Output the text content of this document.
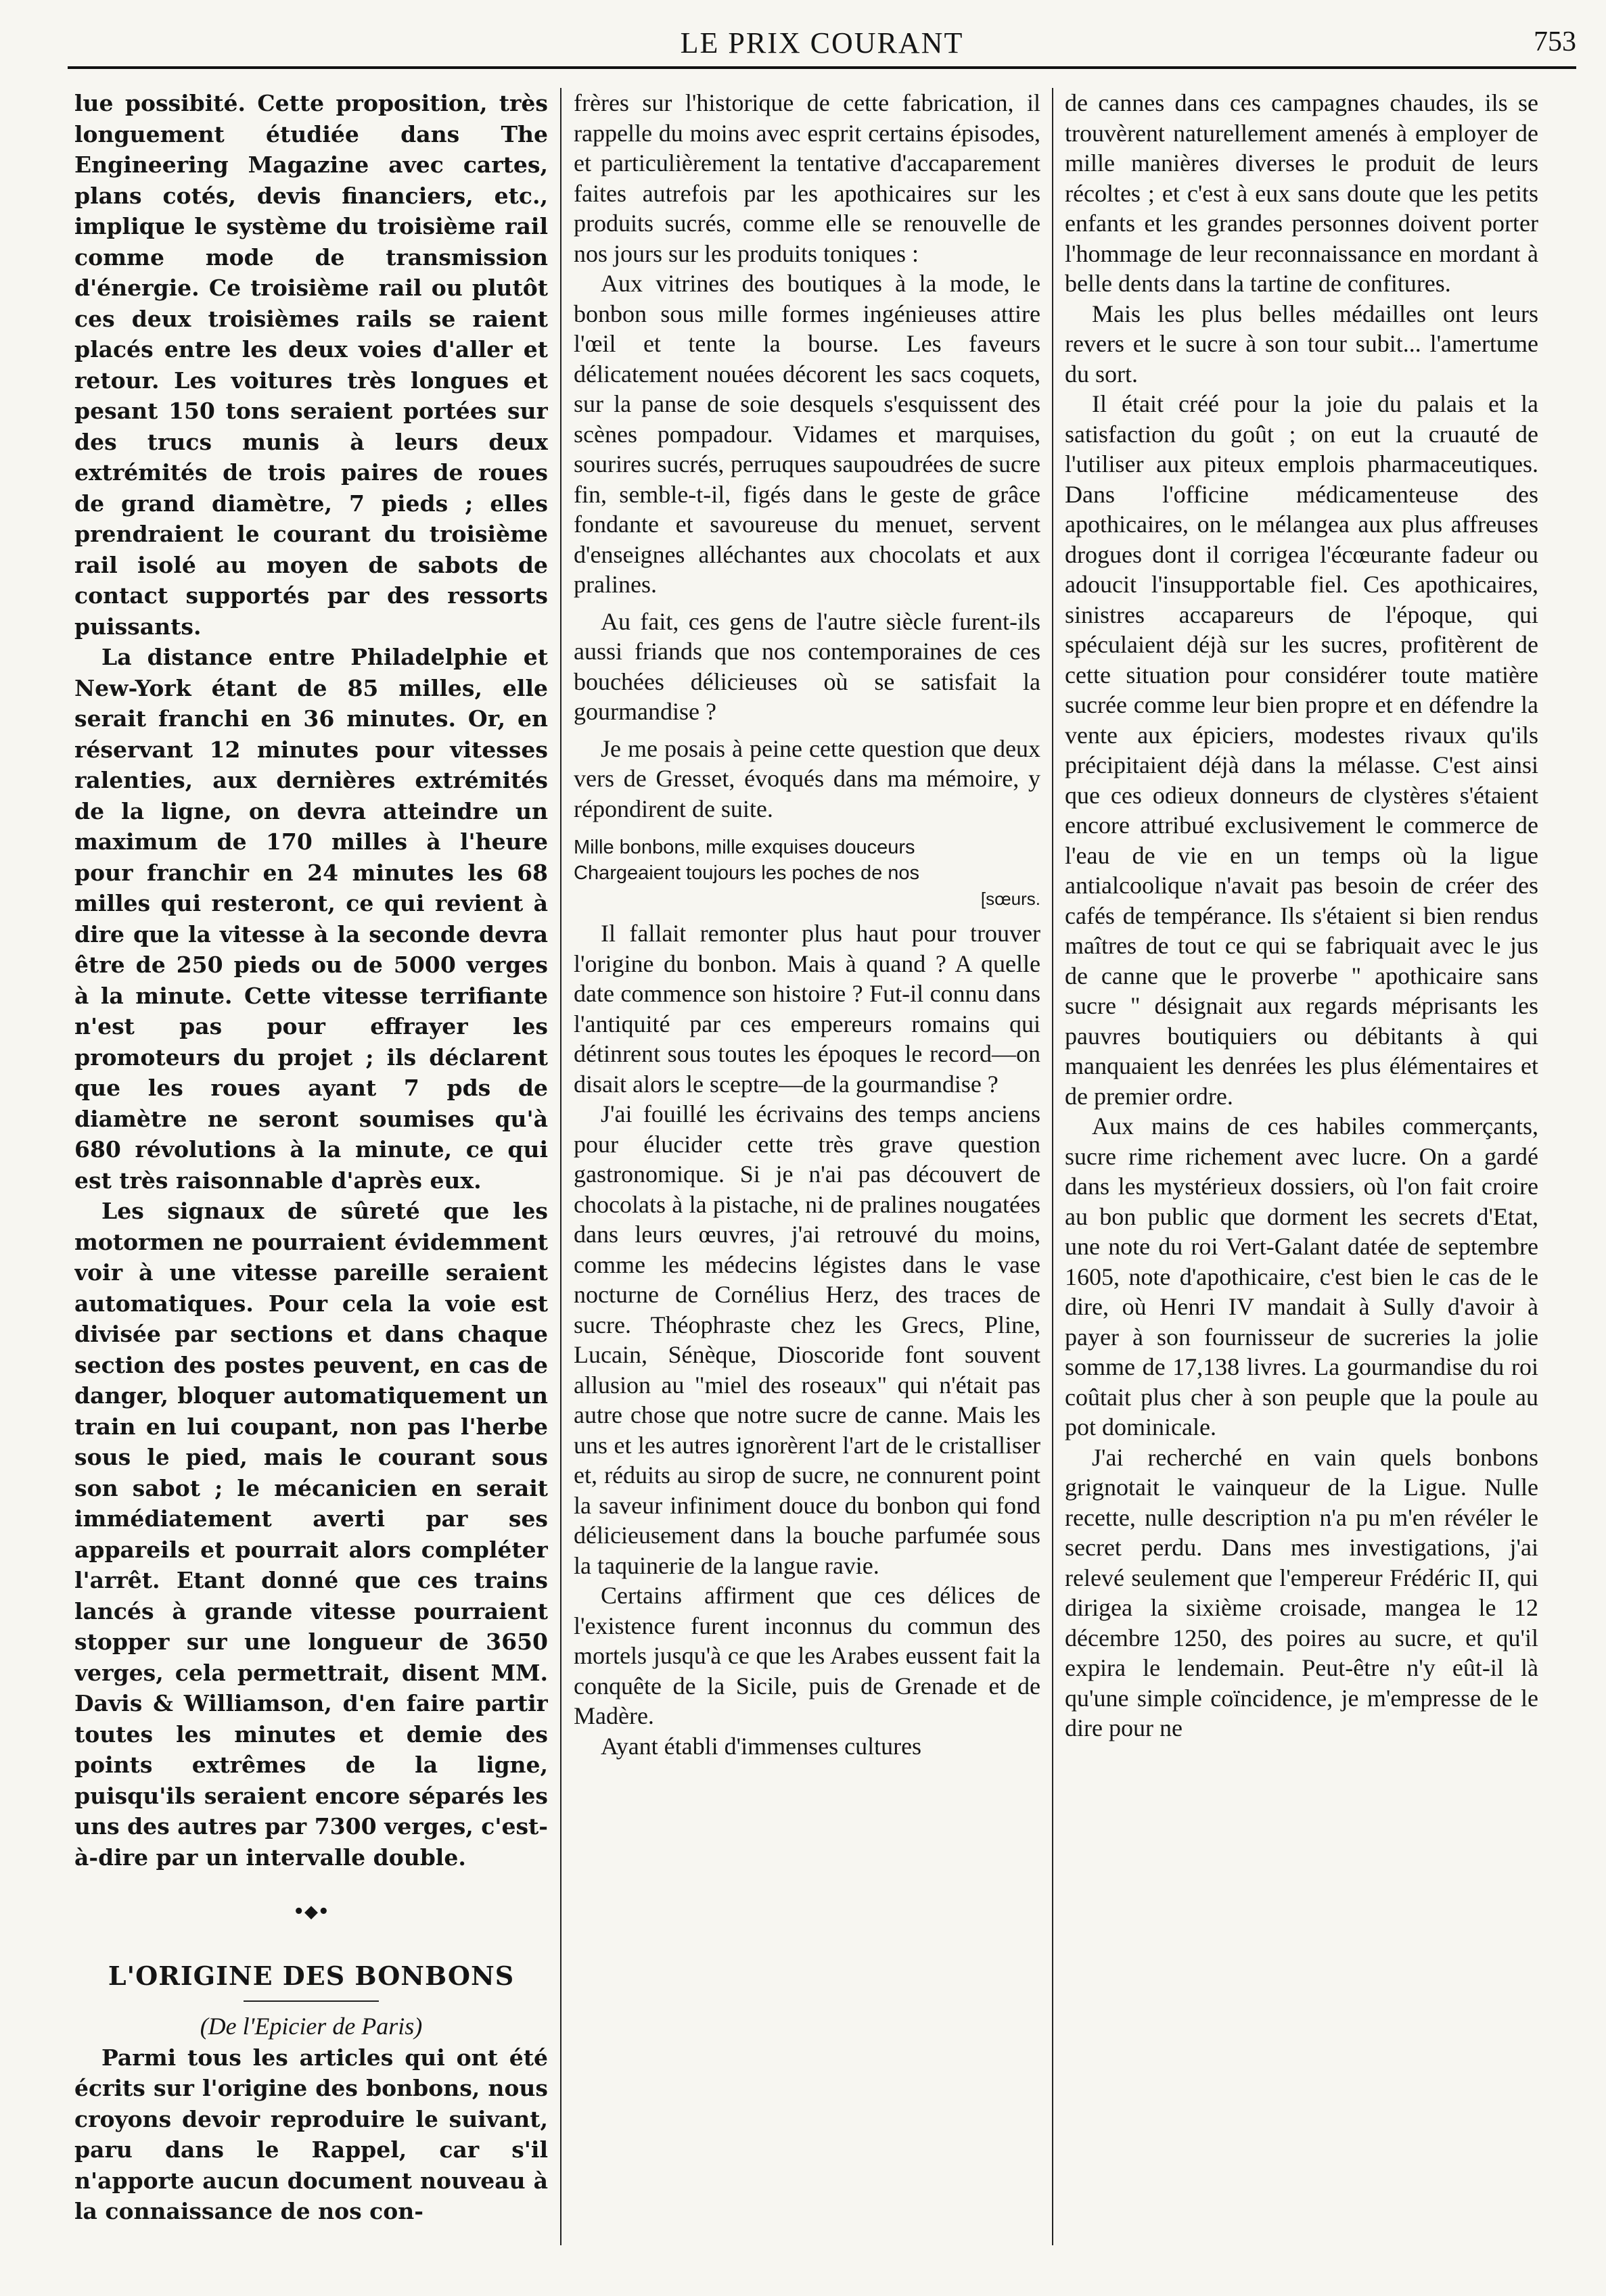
LE PRIX COURANT	753

lue possibité. Cette proposition, très longuement étudiée dans The Engineering Magazine avec cartes, plans cotés, devis financiers, etc., implique le système du troisième rail comme mode de transmission d'énergie. Ce troisième rail ou plutôt ces deux troisièmes rails se raient placés entre les deux voies d'aller et retour. Les voitures très longues et pesant 150 tons seraient portées sur des trucs munis à leurs deux extrémités de trois paires de roues de grand diamètre, 7 pieds ; elles prendraient le courant du troisième rail isolé au moyen de sabots de contact supportés par des ressorts puissants.

La distance entre Philadelphie et New-York étant de 85 milles, elle serait franchi en 36 minutes. Or, en réservant 12 minutes pour vitesses ralenties, aux dernières extrémités de la ligne, on devra atteindre un maximum de 170 milles à l'heure pour franchir en 24 minutes les 68 milles qui resteront, ce qui revient à dire que la vitesse à la seconde devra être de 250 pieds ou de 5000 verges à la minute. Cette vitesse terrifiante n'est pas pour effrayer les promoteurs du projet ; ils déclarent que les roues ayant 7 pds de diamètre ne seront soumises qu'à 680 révolutions à la minute, ce qui est très raisonnable d'après eux.

Les signaux de sûreté que les motormen ne pourraient évidemment voir à une vitesse pareille seraient automatiques. Pour cela la voie est divisée par sections et dans chaque section des postes peuvent, en cas de danger, bloquer automatiquement un train en lui coupant, non pas l'herbe sous le pied, mais le courant sous son sabot ; le mécanicien en serait immédiatement averti par ses appareils et pourrait alors compléter l'arrêt. Etant donné que ces trains lancés à grande vitesse pourraient stopper sur une longueur de 3650 verges, cela permettrait, disent MM. Davis & Williamson, d'en faire partir toutes les minutes et demie des points extrêmes de la ligne, puisqu'ils seraient encore séparés les uns des autres par 7300 verges, c'est-à-dire par un intervalle double.

•◆•
L'ORIGINE DES BONBONS
(De l'Epicier de Paris)

Parmi tous les articles qui ont été écrits sur l'origine des bonbons, nous croyons devoir reproduire le suivant, paru dans le Rappel, car s'il n'apporte aucun document nouveau à la connaissance de nos con-

frères sur l'historique de cette fabrication, il rappelle du moins avec esprit certains épisodes, et particulièrement la tentative d'accaparement faites autrefois par les apothicaires sur les produits sucrés, comme elle se renouvelle de nos jours sur les produits toniques :

Aux vitrines des boutiques à la mode, le bonbon sous mille formes ingénieuses attire l'œil et tente la bourse. Les faveurs délicatement nouées décorent les sacs coquets, sur la panse de soie desquels s'esquissent des scènes pompadour. Vidames et marquises, sourires sucrés, perruques saupoudrées de sucre fin, semble-t-il, figés dans le geste de grâce fondante et savoureuse du menuet, servent d'enseignes alléchantes aux chocolats et aux pralines.

Au fait, ces gens de l'autre siècle furent-ils aussi friands que nos contemporaines de ces bouchées délicieuses où se satisfait la gourmandise ?

Je me posais à peine cette question que deux vers de Gresset, évoqués dans ma mémoire, y répondirent de suite.

Mille bonbons, mille exquises douceurs
Chargeaient toujours les poches de nos
[sœurs.

Il fallait remonter plus haut pour trouver l'origine du bonbon. Mais à quand ? A quelle date commence son histoire ? Fut-il connu dans l'antiquité par ces empereurs romains qui détinrent sous toutes les époques le record—on disait alors le sceptre—de la gourmandise ?

J'ai fouillé les écrivains des temps anciens pour élucider cette très grave question gastronomique. Si je n'ai pas découvert de chocolats à la pistache, ni de pralines nougatées dans leurs œuvres, j'ai retrouvé du moins, comme les médecins légistes dans le vase nocturne de Cornélius Herz, des traces de sucre. Théophraste chez les Grecs, Pline, Lucain, Sénèque, Dioscoride font souvent allusion au "miel des roseaux" qui n'était pas autre chose que notre sucre de canne. Mais les uns et les autres ignorèrent l'art de le cristalliser et, réduits au sirop de sucre, ne connurent point la saveur infiniment douce du bonbon qui fond délicieusement dans la bouche parfumée sous la taquinerie de la langue ravie.

Certains affirment que ces délices de l'existence furent inconnus du commun des mortels jusqu'à ce que les Arabes eussent fait la conquête de la Sicile, puis de Grenade et de Madère.

Ayant établi d'immenses cultures

de cannes dans ces campagnes chaudes, ils se trouvèrent naturellement amenés à employer de mille manières diverses le produit de leurs récoltes ; et c'est à eux sans doute que les petits enfants et les grandes personnes doivent porter l'hommage de leur reconnaissance en mordant à belle dents dans la tartine de confitures.

Mais les plus belles médailles ont leurs revers et le sucre à son tour subit... l'amertume du sort.

Il était créé pour la joie du palais et la satisfaction du goût ; on eut la cruauté de l'utiliser aux piteux emplois pharmaceutiques. Dans l'officine médicamenteuse des apothicaires, on le mélangea aux plus affreuses drogues dont il corrigea l'écœurante fadeur ou adoucit l'insupportable fiel. Ces apothicaires, sinistres accapareurs de l'époque, qui spéculaient déjà sur les sucres, profitèrent de cette situation pour considérer toute matière sucrée comme leur bien propre et en défendre la vente aux épiciers, modestes rivaux qu'ils précipitaient déjà dans la mélasse. C'est ainsi que ces odieux donneurs de clystères s'étaient encore attribué exclusivement le commerce de l'eau de vie en un temps où la ligue antialcoolique n'avait pas besoin de créer des cafés de tempérance. Ils s'étaient si bien rendus maîtres de tout ce qui se fabriquait avec le jus de canne que le proverbe " apothicaire sans sucre " désignait aux regards méprisants les pauvres boutiquiers ou débitants à qui manquaient les denrées les plus élémentaires et de premier ordre.

Aux mains de ces habiles commerçants, sucre rime richement avec lucre. On a gardé dans les mystérieux dossiers, où l'on fait croire au bon public que dorment les secrets d'Etat, une note du roi Vert-Galant datée de septembre 1605, note d'apothicaire, c'est bien le cas de le dire, où Henri IV mandait à Sully d'avoir à payer à son fournisseur de sucreries la jolie somme de 17,138 livres. La gourmandise du roi coûtait plus cher à son peuple que la poule au pot dominicale.

J'ai recherché en vain quels bonbons grignotait le vainqueur de la Ligue. Nulle recette, nulle description n'a pu m'en révéler le secret perdu. Dans mes investigations, j'ai relevé seulement que l'empereur Frédéric II, qui dirigea la sixième croisade, mangea le 12 décembre 1250, des poires au sucre, et qu'il expira le lendemain. Peut-être n'y eût-il là qu'une simple coïncidence, je m'empresse de le dire pour ne
